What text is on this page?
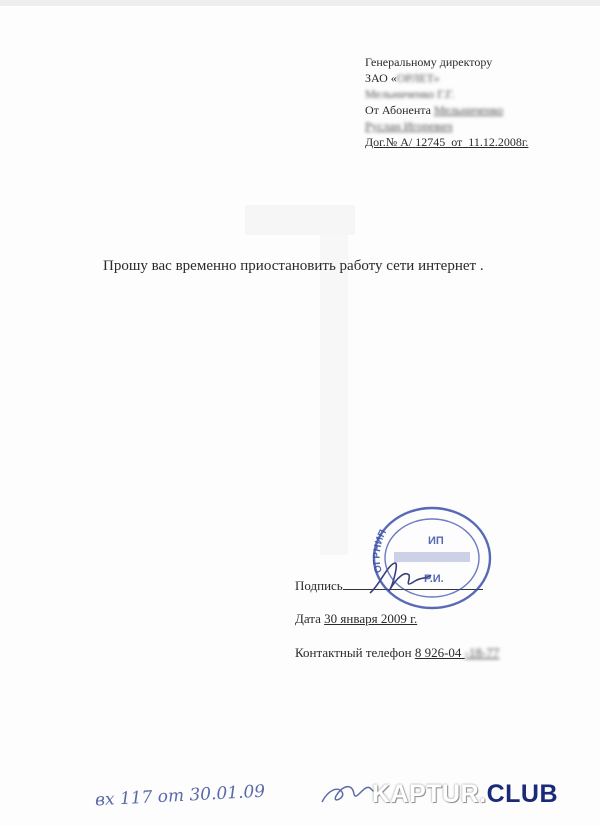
Генеральному директору
ЗАО «ОРЛЕТ»
Мельниченко Г.Г.
От Абонента Мельниченко
Руслан Игоревич
Дог.№ А/ 12745 от 11.12.2008г.
Прошу вас временно приостановить работу сети интернет .
Подпись
Дата 30 января 2009 г.
Контактный телефон 8 926-04 -18-77
ОГРНИП
ИП
Р.И.
вх 117 от 30.01.09	KAPTUR.CLUB
